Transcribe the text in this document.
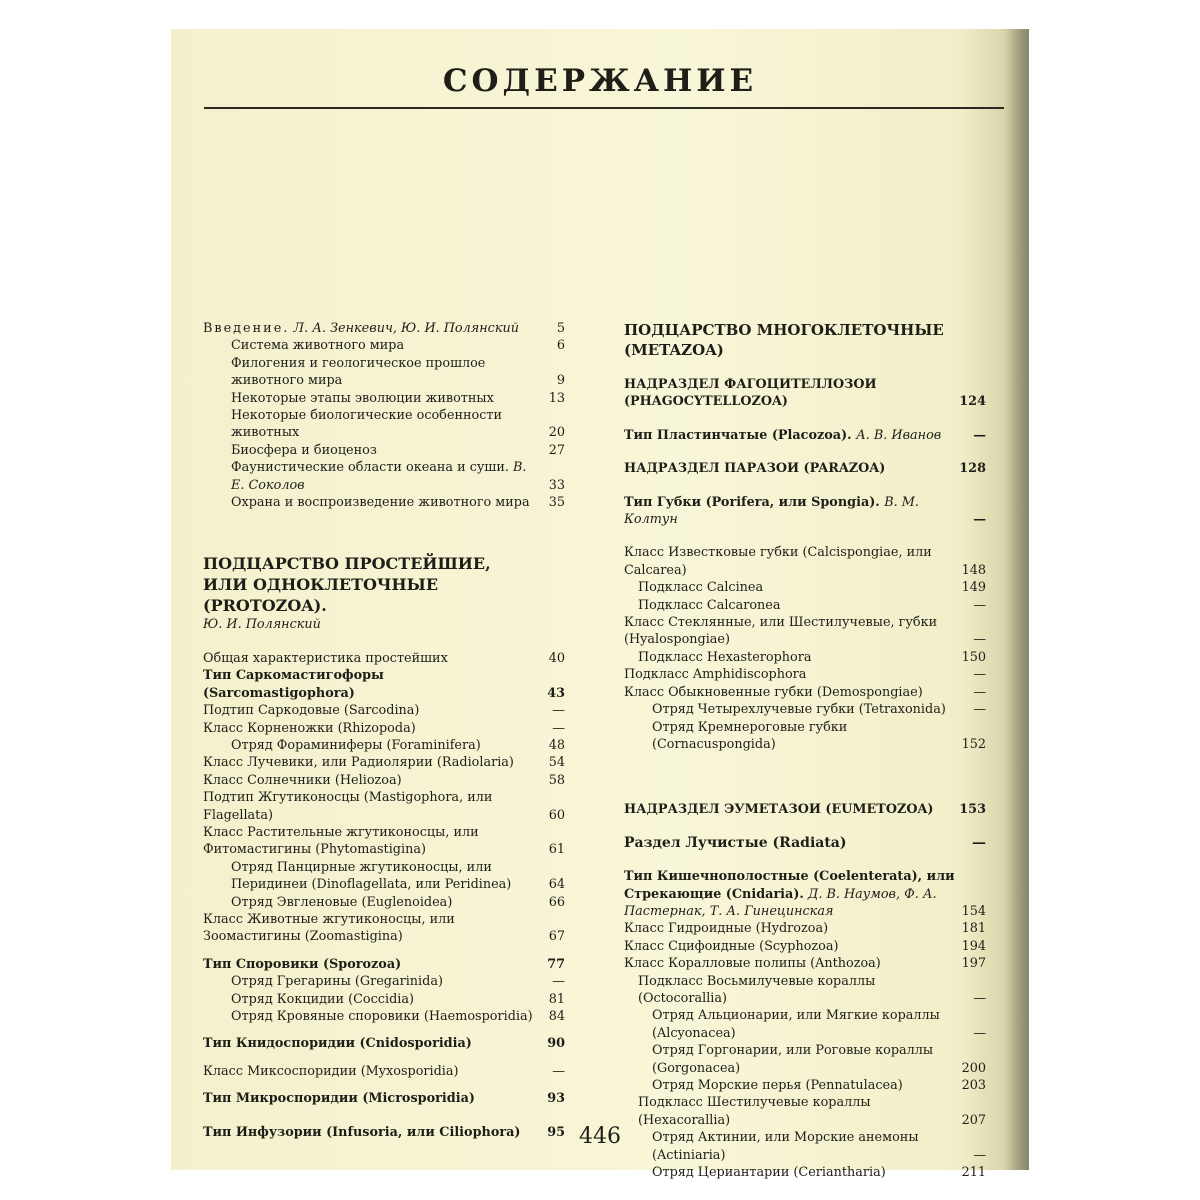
СОДЕРЖАНИЕ
Введение. Л. А. Зенкевич, Ю. И. Полянский	5
Система животного мира	6
Филогения и геологическое прошлое животного мира	9
Некоторые этапы эволюции животных	13
Некоторые биологические особенности животных	20
Биосфера и биоценоз	27
Фаунистические области океана и суши. В. Е. Соколов	33
Охрана и воспроизведение животного мира	35
ПОДЦАРСТВО ПРОСТЕЙШИЕ,
ИЛИ ОДНОКЛЕТОЧНЫЕ (PROTOZOA).
Ю. И. Полянский
Общая характеристика простейших	40
Тип Саркомастигофоры (Sarcomastigophora)	43
Подтип Саркодовые (Sarcodina)	—
Класс Корненожки (Rhizopoda)	—
Отряд Фораминиферы (Foraminifera)	48
Класс Лучевики, или Радиолярии (Radiolaria)	54
Класс Солнечники (Heliozoa)	58
Подтип Жгутиконосцы (Mastigophora, или Flagellata)	60
Класс Растительные жгутиконосцы, или Фитомастигины (Phytomastigina)	61
Отряд Панцирные жгутиконосцы, или Перидинеи (Dinoflagellata, или Peridinea)	64
Отряд Эвгленовые (Euglenoidea)	66
Класс Животные жгутиконосцы, или Зоомастигины (Zoomastigina)	67
Тип Споровики (Sporozoa)	77
Отряд Грегарины (Gregarinida)	—
Отряд Кокцидии (Coccidia)	81
Отряд Кровяные споровики (Haemosporidia)	84
Тип Книдоспоридии (Cnidosporidia)	90
Класс Миксоспоридии (Myxosporidia)	—
Тип Микроспоридии (Microsporidia)	93
Тип Инфузории (Infusoria, или Ciliophora)	95
ПОДЦАРСТВО МНОГОКЛЕТОЧНЫЕ (METAZOA)
НАДРАЗДЕЛ ФАГОЦИТЕЛЛОЗОИ (PHAGOCYTELLOZOA)	124
Тип Пластинчатые (Placozoa). А. В. Иванов	—
НАДРАЗДЕЛ ПАРАЗОИ (PARAZOA)	128
Тип Губки (Porifera, или Spongia). В. М. Колтун	—
Класс Известковые губки (Calcispongiae, или Calcarea)	148
Подкласс Calcinea	149
Подкласс Calcaronea	—
Класс Стеклянные, или Шестилучевые, губки (Hyalospongiae)	—
Подкласс Hexasterophora	150
Подкласс Amphidiscophora	—
Класс Обыкновенные губки (Demospongiae)	—
Отряд Четырехлучевые губки (Tetraxonida)	—
Отряд Кремнероговые губки (Cornacuspongida)	152
НАДРАЗДЕЛ ЭУМЕТАЗОИ (EUMETOZOA)	153
Раздел Лучистые (Radiata)	—
Тип Кишечнополостные (Coelenterata), или Стрекающие (Cnidaria). Д. В. Наумов, Ф. А. Пастернак, Т. А. Гинецинская	154
Класс Гидроидные (Hydrozoa)	181
Класс Сцифоидные (Scyphozoa)	194
Класс Коралловые полипы (Anthozoa)	197
Подкласс Восьмилучевые кораллы (Octocorallia)	—
Отряд Альционарии, или Мягкие кораллы (Alcyonacea)	—
Отряд Горгонарии, или Роговые кораллы (Gorgonacea)	200
Отряд Морские перья (Pennatulacea)	203
Подкласс Шестилучевые кораллы (Hexacorallia)	207
Отряд Актинии, или Морские анемоны (Actiniaria)	—
Отряд Цериантарии (Ceriantharia)	211
446
